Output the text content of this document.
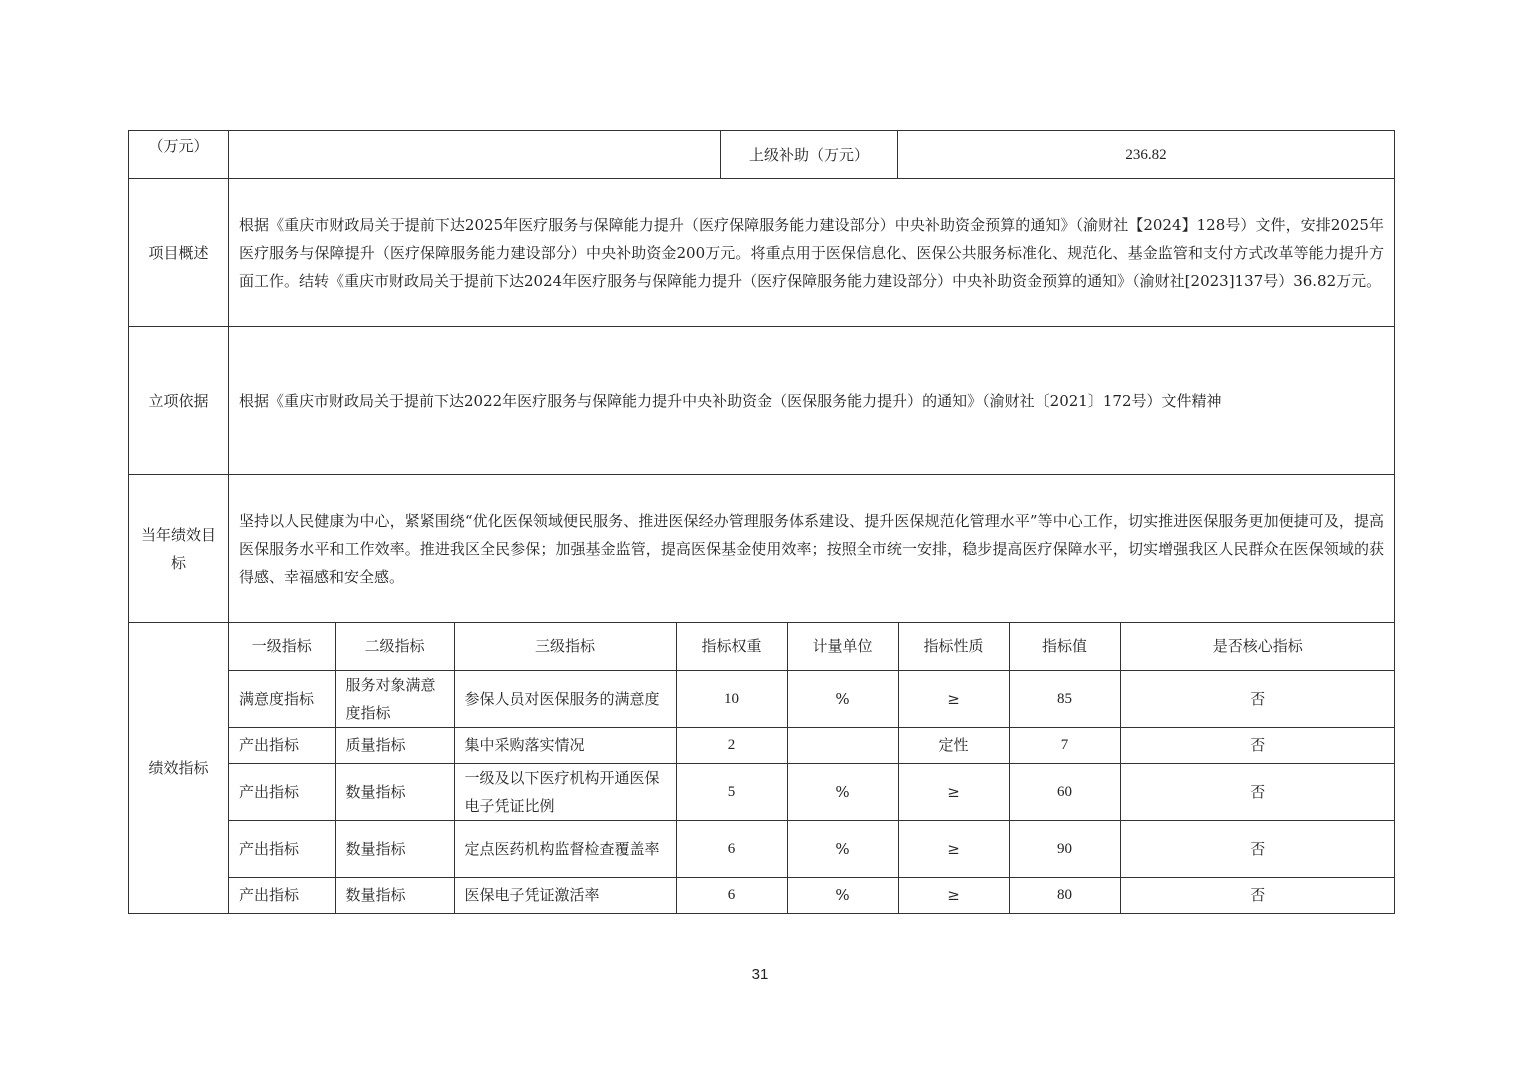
（万元）		上级补助（万元）	236.82
项目概述	根据《重庆市财政局关于提前下达2025年医疗服务与保障能力提升（医疗保障服务能力建设部分）中央补助资金预算的通知》（渝财社【2024】128号）文件，安排2025年医疗服务与保障提升（医疗保障服务能力建设部分）中央补助资金200万元。将重点用于医保信息化、医保公共服务标准化、规范化、基金监管和支付方式改革等能力提升方面工作。结转《重庆市财政局关于提前下达2024年医疗服务与保障能力提升（医疗保障服务能力建设部分）中央补助资金预算的通知》（渝财社[2023]137号）36.82万元。
立项依据	根据《重庆市财政局关于提前下达2022年医疗服务与保障能力提升中央补助资金（医保服务能力提升）的通知》（渝财社〔2021〕172号）文件精神
当年绩效目标	坚持以人民健康为中心，紧紧围绕“优化医保领域便民服务、推进医保经办管理服务体系建设、提升医保规范化管理水平”等中心工作，切实推进医保服务更加便捷可及，提高医保服务水平和工作效率。推进我区全民参保；加强基金监管，提高医保基金使用效率；按照全市统一安排，稳步提高医疗保障水平，切实增强我区人民群众在医保领域的获得感、幸福感和安全感。
绩效指标	
一级指标	二级指标	三级指标	指标权重	计量单位	指标性质	指标值	是否核心指标
满意度指标	服务对象满意度指标	参保人员对医保服务的满意度	10	%	≥	85	否
产出指标	质量指标	集中采购落实情况	2		定性	7	否
产出指标	数量指标	一级及以下医疗机构开通医保电子凭证比例	5	%	≥	60	否
产出指标	数量指标	定点医药机构监督检查覆盖率	6	%	≥	90	否
产出指标	数量指标	医保电子凭证激活率	6	%	≥	80	否
31
